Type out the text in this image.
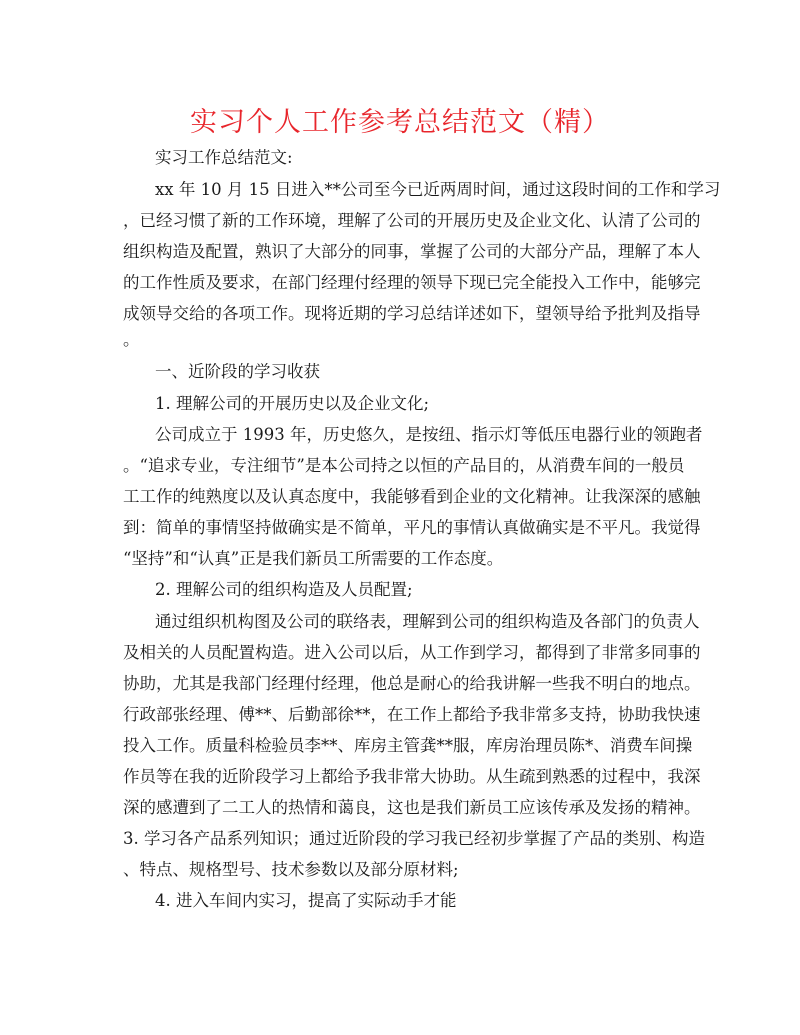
实习个人工作参考总结范文（精）
实习工作总结范文:
xx 年 10 月 15 日进入**公司至今已近两周时间，通过这段时间的工作和学习
，已经习惯了新的工作环境，理解了公司的开展历史及企业文化、认清了公司的
组织构造及配置，熟识了大部分的同事，掌握了公司的大部分产品，理解了本人
的工作性质及要求，在部门经理付经理的领导下现已完全能投入工作中，能够完
成领导交给的各项工作。现将近期的学习总结详述如下，望领导给予批判及指导
。
一、近阶段的学习收获
1. 理解公司的开展历史以及企业文化;
公司成立于 1993 年，历史悠久，是按纽、指示灯等低压电器行业的领跑者
。“追求专业，专注细节”是本公司持之以恒的产品目的，从消费车间的一般员
工工作的纯熟度以及认真态度中，我能够看到企业的文化精神。让我深深的感触
到：简单的事情坚持做确实是不简单，平凡的事情认真做确实是不平凡。我觉得
“坚持”和“认真”正是我们新员工所需要的工作态度。
2. 理解公司的组织构造及人员配置;
通过组织机构图及公司的联络表，理解到公司的组织构造及各部门的负责人
及相关的人员配置构造。进入公司以后，从工作到学习，都得到了非常多同事的
协助，尤其是我部门经理付经理，他总是耐心的给我讲解一些我不明白的地点。
行政部张经理、傅**、后勤部徐**，在工作上都给予我非常多支持，协助我快速
投入工作。质量科检验员李**、库房主管龚**服，库房治理员陈*、消费车间操
作员等在我的近阶段学习上都给予我非常大协助。从生疏到熟悉的过程中，我深
深的感遭到了二工人的热情和蔼良，这也是我们新员工应该传承及发扬的精神。
3. 学习各产品系列知识；通过近阶段的学习我已经初步掌握了产品的类别、构造
、特点、规格型号、技术参数以及部分原材料;
4. 进入车间内实习，提高了实际动手才能
